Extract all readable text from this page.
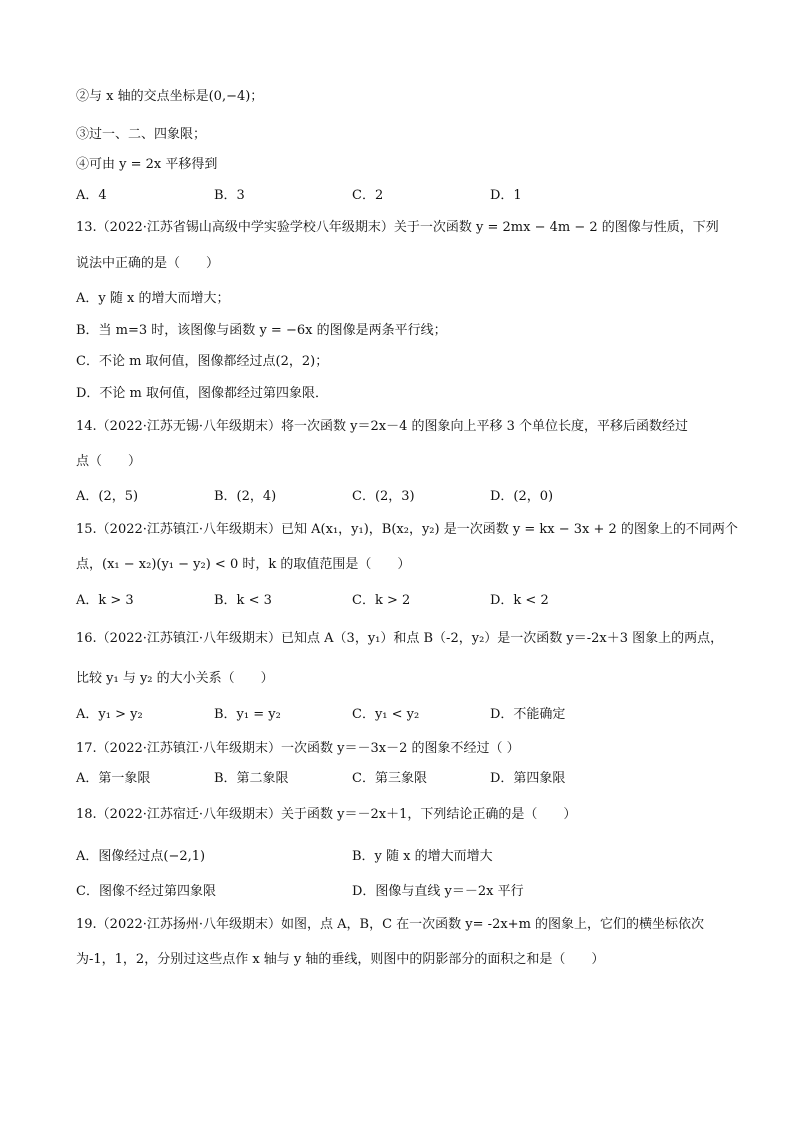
②与 x 轴的交点坐标是(0,−4)；
③过一、二、四象限；
④可由 y = 2x 平移得到
A．4	B．3	C．2	D．1
13.（2022·江苏省锡山高级中学实验学校八年级期末）关于一次函数 y = 2mx − 4m − 2 的图像与性质，下列
说法中正确的是（　　）
A．y 随 x 的增大而增大；
B．当 m=3 时，该图像与函数 y = −6x 的图像是两条平行线；
C．不论 m 取何值，图像都经过点(2，2)；
D．不论 m 取何值，图像都经过第四象限．
14.（2022·江苏无锡·八年级期末）将一次函数 y＝2x－4 的图象向上平移 3 个单位长度，平移后函数经过
点（　　）
A．(2，5)	B．(2，4)	C．(2，3)	D．(2，0)
15.（2022·江苏镇江·八年级期末）已知 A(x₁，y₁)，B(x₂，y₂) 是一次函数 y = kx − 3x + 2 的图象上的不同两个
点，(x₁ − x₂)(y₁ − y₂) < 0 时，k 的取值范围是（　　）
A．k > 3	B．k < 3	C．k > 2	D．k < 2
16.（2022·江苏镇江·八年级期末）已知点 A（3，y₁）和点 B（-2，y₂）是一次函数 y＝-2x＋3 图象上的两点，
比较 y₁ 与 y₂ 的大小关系（　　）
A．y₁ > y₂	B．y₁ = y₂	C．y₁ < y₂	D．不能确定
17.（2022·江苏镇江·八年级期末）一次函数 y＝－3x－2 的图象不经过（ ）
A．第一象限	B．第二象限	C．第三象限	D．第四象限
18.（2022·江苏宿迁·八年级期末）关于函数 y＝－2x＋1，下列结论正确的是（　　）
A．图像经过点(−2,1)	B．y 随 x 的增大而增大
C．图像不经过第四象限	D．图像与直线 y＝－2x 平行
19.（2022·江苏扬州·八年级期末）如图，点 A，B，C 在一次函数 y= -2x+m 的图象上，它们的横坐标依次
为-1，1，2，分别过这些点作 x 轴与 y 轴的垂线，则图中的阴影部分的面积之和是（　　）
